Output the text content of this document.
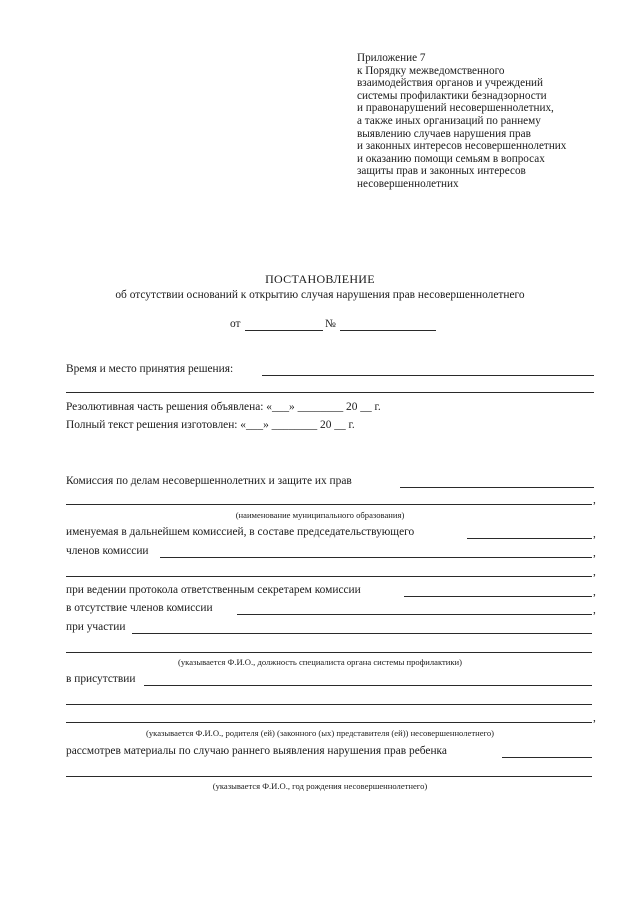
Приложение 7
к Порядку межведомственного
взаимодействия органов и учреждений
системы профилактики безнадзорности
и правонарушений несовершеннолетних,
а также иных организаций по раннему
выявлению случаев нарушения прав
и законных интересов несовершеннолетних
и оказанию помощи семьям в вопросах
защиты прав и законных интересов
несовершеннолетних
ПОСТАНОВЛЕНИЕ
об отсутствии оснований к открытию случая нарушения прав несовершеннолетнего
от	№
Время и место принятия решения:
Резолютивная часть решения объявлена: «___» ________ 20 __ г.
Полный текст решения изготовлен: «___» ________ 20 __ г.
Комиссия по делам несовершеннолетних и защите их прав
,
(наименование муниципального образования)
именуемая в дальнейшем комиссией, в составе председательствующего	,
членов комиссии	,
,
при ведении протокола ответственным секретарем комиссии	,
в отсутствие членов комиссии	,
при участии
(указывается Ф.И.О., должность специалиста органа системы профилактики)
в присутствии
,
(указывается Ф.И.О., родителя (ей) (законного (ых) представителя (ей)) несовершеннолетнего)
рассмотрев материалы по случаю раннего выявления нарушения прав ребенка
(указывается Ф.И.О., год рождения несовершеннолетнего)
